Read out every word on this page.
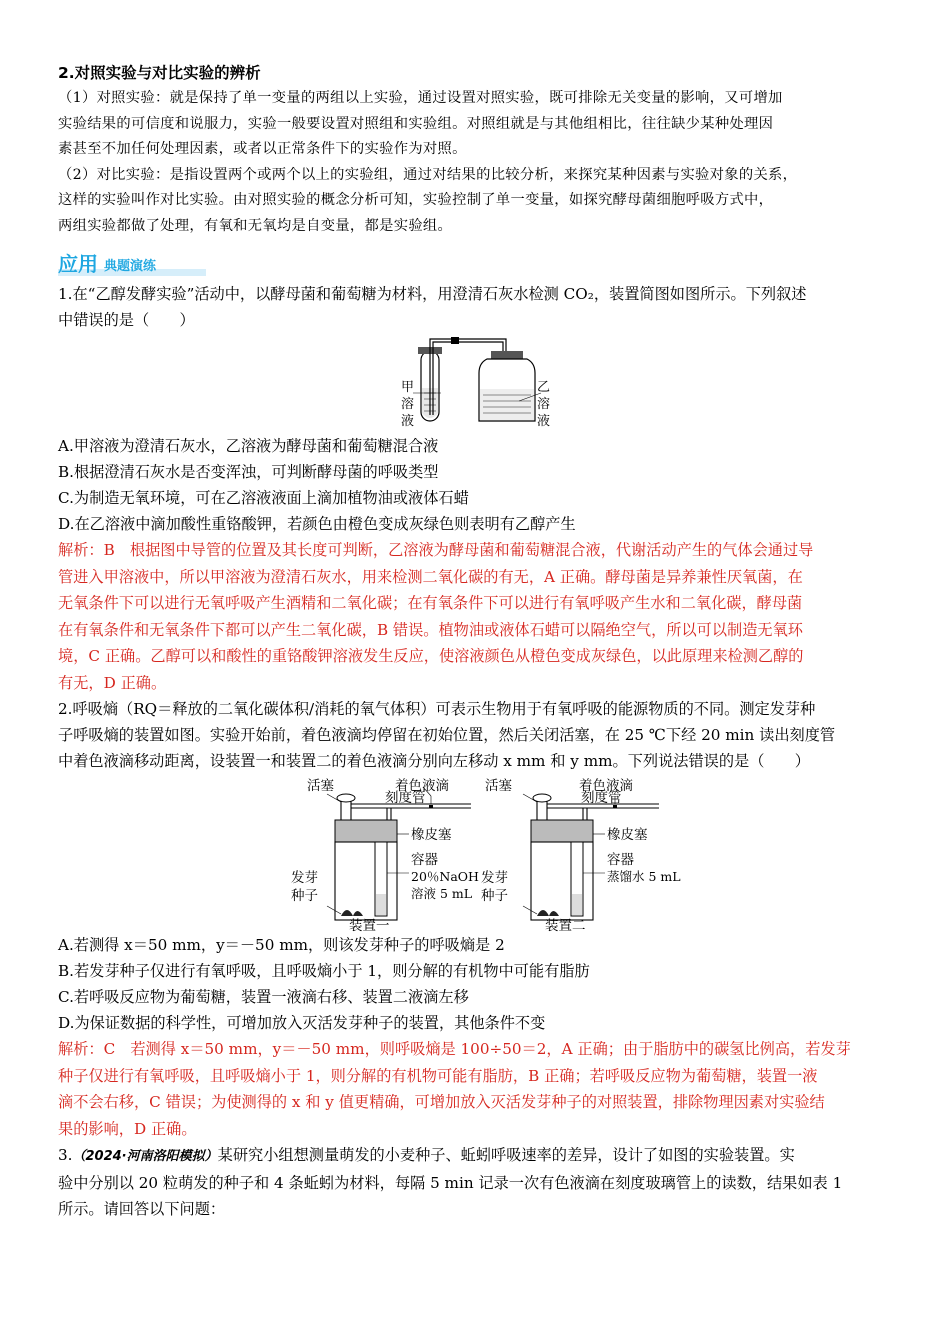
2.对照实验与对比实验的辨析
（1）对照实验：就是保持了单一变量的两组以上实验，通过设置对照实验，既可排除无关变量的影响，又可增加
实验结果的可信度和说服力，实验一般要设置对照组和实验组。对照组就是与其他组相比，往往缺少某种处理因
素甚至不加任何处理因素，或者以正常条件下的实验作为对照。
（2）对比实验：是指设置两个或两个以上的实验组，通过对结果的比较分析，来探究某种因素与实验对象的关系，
这样的实验叫作对比实验。由对照实验的概念分析可知，实验控制了单一变量，如探究酵母菌细胞呼吸方式中，
两组实验都做了处理，有氧和无氧均是自变量，都是实验组。
应用 典题演练
1.在“乙醇发酵实验”活动中，以酵母菌和葡萄糖为材料，用澄清石灰水检测 CO₂，装置简图如图所示。下列叙述
中错误的是（　　）
甲
溶
液
乙
溶
液
A.甲溶液为澄清石灰水，乙溶液为酵母菌和葡萄糖混合液
B.根据澄清石灰水是否变浑浊，可判断酵母菌的呼吸类型
C.为制造无氧环境，可在乙溶液液面上滴加植物油或液体石蜡
D.在乙溶液中滴加酸性重铬酸钾，若颜色由橙色变成灰绿色则表明有乙醇产生
解析：B　根据图中导管的位置及其长度可判断，乙溶液为酵母菌和葡萄糖混合液，代谢活动产生的气体会通过导
管进入甲溶液中，所以甲溶液为澄清石灰水，用来检测二氧化碳的有无，A 正确。酵母菌是异养兼性厌氧菌，在
无氧条件下可以进行无氧呼吸产生酒精和二氧化碳；在有氧条件下可以进行有氧呼吸产生水和二氧化碳，酵母菌
在有氧条件和无氧条件下都可以产生二氧化碳，B 错误。植物油或液体石蜡可以隔绝空气，所以可以制造无氧环
境，C 正确。乙醇可以和酸性的重铬酸钾溶液发生反应，使溶液颜色从橙色变成灰绿色，以此原理来检测乙醇的
有无，D 正确。
2.呼吸熵（RQ＝释放的二氧化碳体积/消耗的氧气体积）可表示生物用于有氧呼吸的能源物质的不同。测定发芽种
子呼吸熵的装置如图。实验开始前，着色液滴均停留在初始位置，然后关闭活塞，在 25 ℃下经 20 min 读出刻度管
中着色液滴移动距离，设装置一和装置二的着色液滴分别向左移动 x mm 和 y mm。下列说法错误的是（　　）
活塞	着色液滴
刻度管
橡皮塞
容器
20％NaOH
溶液 5 mL
发芽
种子
装置一
活塞	着色液滴
刻度管
橡皮塞
容器
蒸馏水 5 mL
发芽
种子
装置二
A.若测得 x＝50 mm，y＝－50 mm，则该发芽种子的呼吸熵是 2
B.若发芽种子仅进行有氧呼吸，且呼吸熵小于 1，则分解的有机物中可能有脂肪
C.若呼吸反应物为葡萄糖，装置一液滴右移、装置二液滴左移
D.为保证数据的科学性，可增加放入灭活发芽种子的装置，其他条件不变
解析：C　若测得 x＝50 mm，y＝－50 mm，则呼吸熵是 100÷50＝2，A 正确；由于脂肪中的碳氢比例高，若发芽
种子仅进行有氧呼吸，且呼吸熵小于 1，则分解的有机物可能有脂肪，B 正确；若呼吸反应物为葡萄糖，装置一液
滴不会右移，C 错误；为使测得的 x 和 y 值更精确，可增加放入灭活发芽种子的对照装置，排除物理因素对实验结
果的影响，D 正确。
3.（2024·河南洛阳模拟）某研究小组想测量萌发的小麦种子、蚯蚓呼吸速率的差异，设计了如图的实验装置。实
验中分别以 20 粒萌发的种子和 4 条蚯蚓为材料，每隔 5 min 记录一次有色液滴在刻度玻璃管上的读数，结果如表 1
所示。请回答以下问题：
